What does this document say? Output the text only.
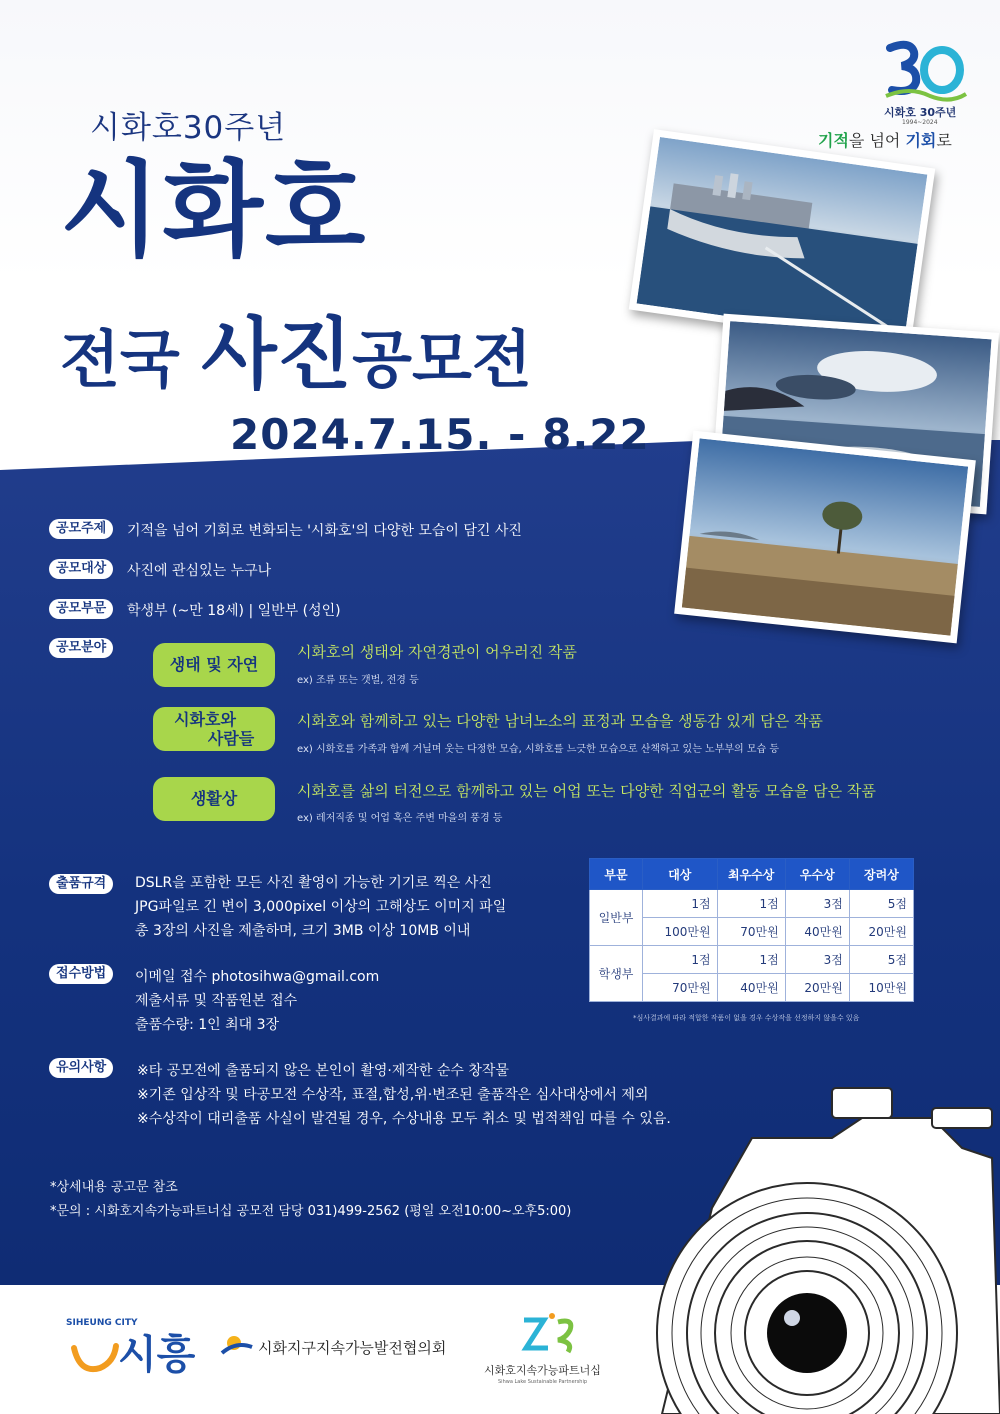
시화호 30주년
1994~2024
기적을 넘어 기회로
시화호30주년
시화호
전국 사진공모전
2024.7.15. - 8.22
공모주제	기적을 넘어 기회로 변화되는 '시화호'의 다양한 모습이 담긴 사진
공모대상	사진에 관심있는 누구나
공모부문	학생부 (~만 18세) | 일반부 (성인)
공모분야
생태 및 자연
시화호의 생태와 자연경관이 어우러진 작품
ex) 조류 또는 갯벌, 전경 등
시화호와
사람들
시화호와 함께하고 있는 다양한 남녀노소의 표정과 모습을 생동감 있게 담은 작품
ex) 시화호를 가족과 함께 거닐며 웃는 다정한 모습, 시화호를 느긋한 모습으로 산책하고 있는 노부부의 모습 등
생활상	시화호를 삶의 터전으로 함께하고 있는 어업 또는 다양한 직업군의 활동 모습을 담은 작품
ex) 레저직종 및 어업 혹은 주변 마을의 풍경 등
출품규격	DSLR을 포함한 모든 사진 촬영이 가능한 기기로 찍은 사진
JPG파일로 긴 변이 3,000pixel 이상의 고해상도 이미지 파일
총 3장의 사진을 제출하며, 크기 3MB 이상 10MB 이내
접수방법	이메일 접수 photosihwa@gmail.com
제출서류 및 작품원본 접수
출품수량: 1인 최대 3장
부문	대상	최우수상	우수상	장려상
일반부	1점	1점	3점	5점
	100만원	70만원	40만원	20만원
학생부	1점	1점	3점	5점
	70만원	40만원	20만원	10만원
*심사결과에 따라 적합한 작품이 없을 경우 수상작을 선정하지 않을수 있음
유의사항	※타 공모전에 출품되지 않은 본인이 촬영·제작한 순수 창작물
※기존 입상작 및 타공모전 수상작, 표절,합성,위·변조된 출품작은 심사대상에서 제외
※수상작이 대리출품 사실이 발견될 경우, 수상내용 모두 취소 및 법적책임 따를 수 있음.
*상세내용 공고문 참조
*문의 : 시화호지속가능파트너십 공모전 담당 031)499-2562 (평일 오전10:00~오후5:00)
SIHEUNG CITY
시흥	시화지구지속가능발전협의회
시화호지속가능파트너십
Sihwa Lake Sustainable Partnership
